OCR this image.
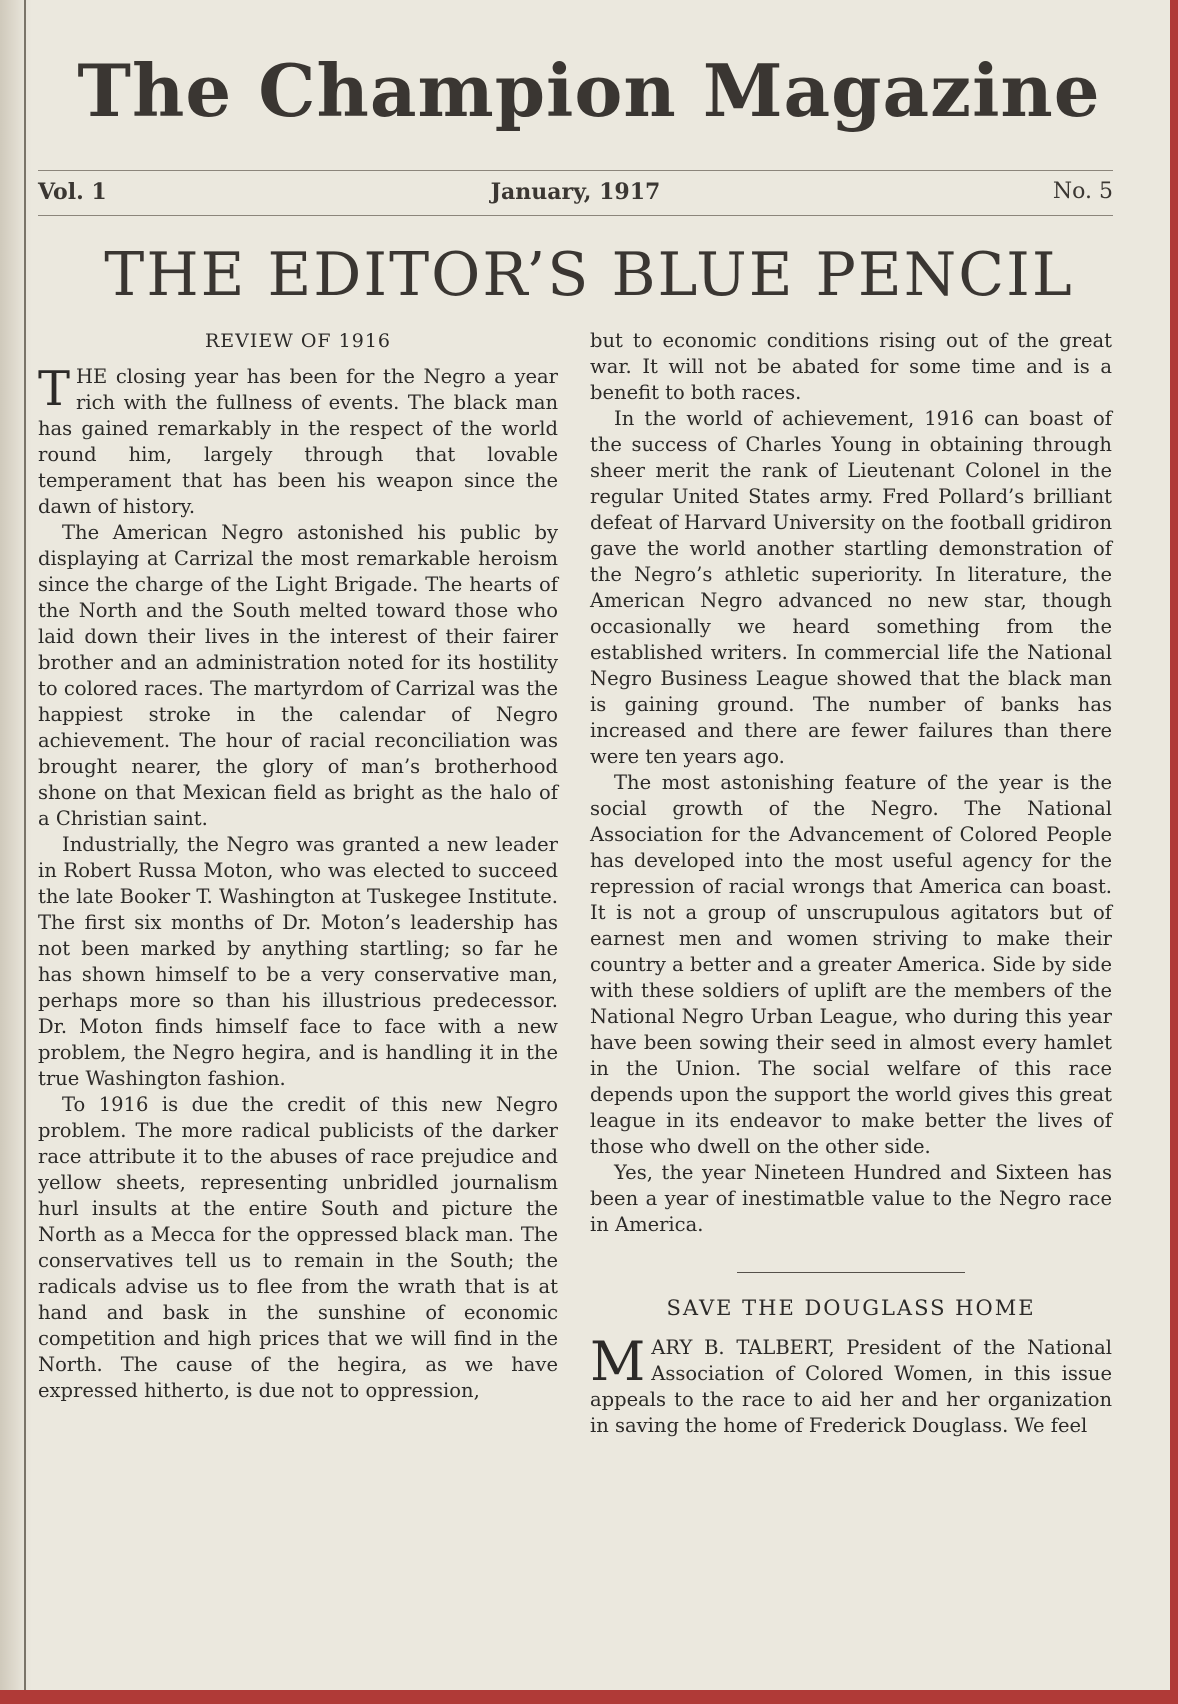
The Champion Magazine
Vol. 1	January, 1917	No. 5
THE EDITOR’S BLUE PENCIL
REVIEW OF 1916

THE closing year has been for the Negro a year rich with the fullness of events. The black man has gained remarkably in the respect of the world round him, largely through that lovable temperament that has been his weapon since the dawn of history.

The American Negro astonished his public by displaying at Carrizal the most remarkable heroism since the charge of the Light Brigade. The hearts of the North and the South melted toward those who laid down their lives in the interest of their fairer brother and an administration noted for its hostility to colored races. The martyrdom of Carrizal was the happiest stroke in the calendar of Negro achievement. The hour of racial reconciliation was brought nearer, the glory of man’s brotherhood shone on that Mexican field as bright as the halo of a Christian saint.

Industrially, the Negro was granted a new leader in Robert Russa Moton, who was elected to succeed the late Booker T. Washington at Tuskegee Institute. The first six months of Dr. Moton’s leadership has not been marked by anything startling; so far he has shown himself to be a very conservative man, perhaps more so than his illustrious predecessor. Dr. Moton finds himself face to face with a new problem, the Negro hegira, and is handling it in the true Washington fashion.

To 1916 is due the credit of this new Negro problem. The more radical publicists of the darker race attribute it to the abuses of race prejudice and yellow sheets, representing unbridled journalism hurl insults at the entire South and picture the North as a Mecca for the oppressed black man. The conservatives tell us to remain in the South; the radicals advise us to flee from the wrath that is at hand and bask in the sunshine of economic competition and high prices that we will find in the North. The cause of the hegira, as we have expressed hitherto, is due not to oppression,

but to economic conditions rising out of the great war. It will not be abated for some time and is a benefit to both races.

In the world of achievement, 1916 can boast of the success of Charles Young in obtaining through sheer merit the rank of Lieutenant Colonel in the regular United States army. Fred Pollard’s brilliant defeat of Harvard University on the football gridiron gave the world another startling demonstration of the Negro’s athletic superiority. In literature, the American Negro advanced no new star, though occasionally we heard something from the established writers. In commercial life the National Negro Business League showed that the black man is gaining ground. The number of banks has increased and there are fewer failures than there were ten years ago.

The most astonishing feature of the year is the social growth of the Negro. The National Association for the Advancement of Colored People has developed into the most useful agency for the repression of racial wrongs that America can boast. It is not a group of unscrupulous agitators but of earnest men and women striving to make their country a better and a greater America. Side by side with these soldiers of uplift are the members of the National Negro Urban League, who during this year have been sowing their seed in almost every hamlet in the Union. The social welfare of this race depends upon the support the world gives this great league in its endeavor to make better the lives of those who dwell on the other side.

Yes, the year Nineteen Hundred and Sixteen has been a year of inestimatble value to the Negro race in America.

SAVE THE DOUGLASS HOME

MARY B. TALBERT, President of the National Association of Colored Women, in this issue appeals to the race to aid her and her organization in saving the home of Frederick Douglass. We feel
